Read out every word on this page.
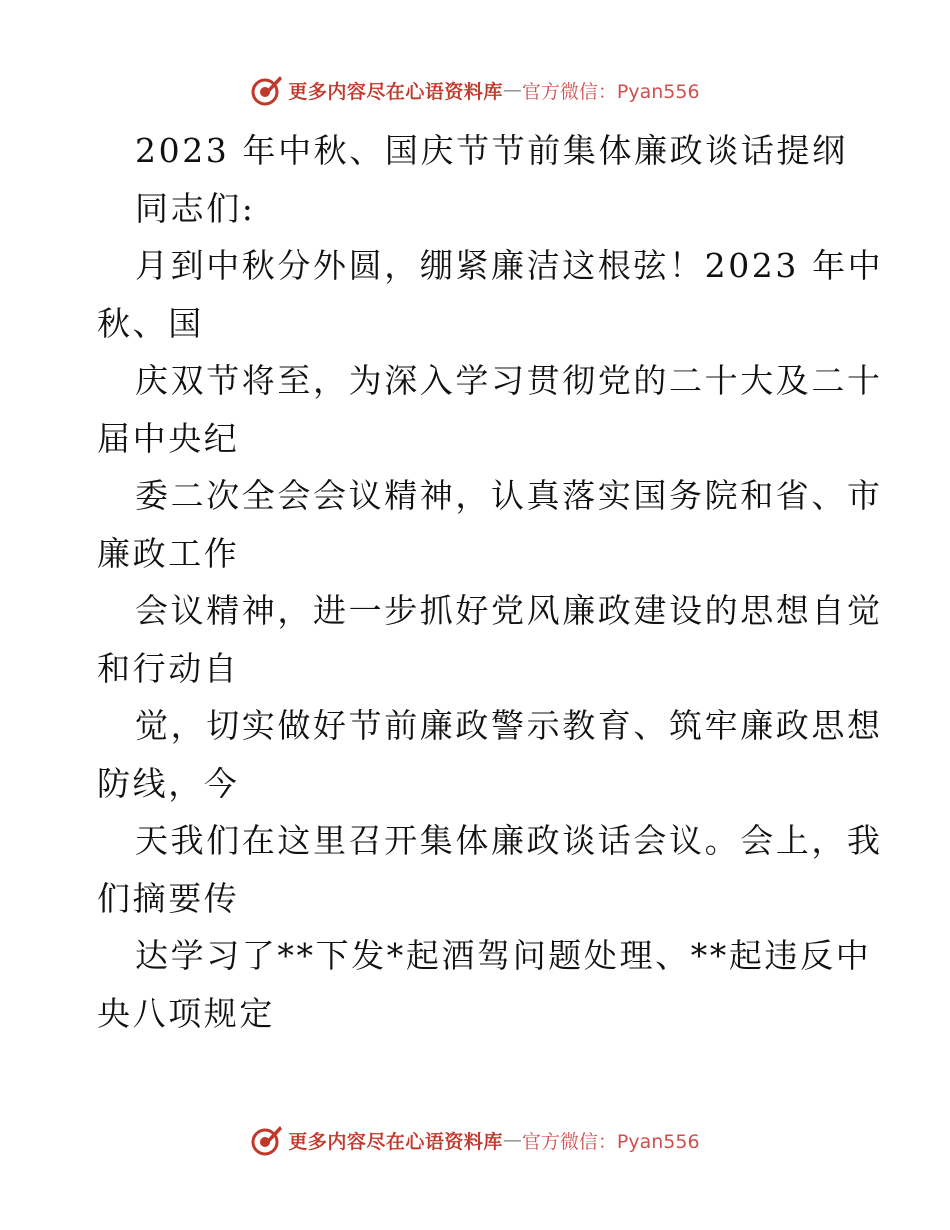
更多内容尽在心语资料库 — 官方微信：Pyan556
2023 年中秋、国庆节节前集体廉政谈话提纲
同志们:
月到中秋分外圆，绷紧廉洁这根弦！2023 年中
秋、国
庆双节将至，为深入学习贯彻党的二十大及二十
届中央纪
委二次全会会议精神，认真落实国务院和省、市
廉政工作
会议精神，进一步抓好党风廉政建设的思想自觉
和行动自
觉，切实做好节前廉政警示教育、筑牢廉政思想
防线，今
天我们在这里召开集体廉政谈话会议。会上，我
们摘要传
达学习了**下发*起酒驾问题处理、**起违反中
央八项规定
更多内容尽在心语资料库 — 官方微信：Pyan556
